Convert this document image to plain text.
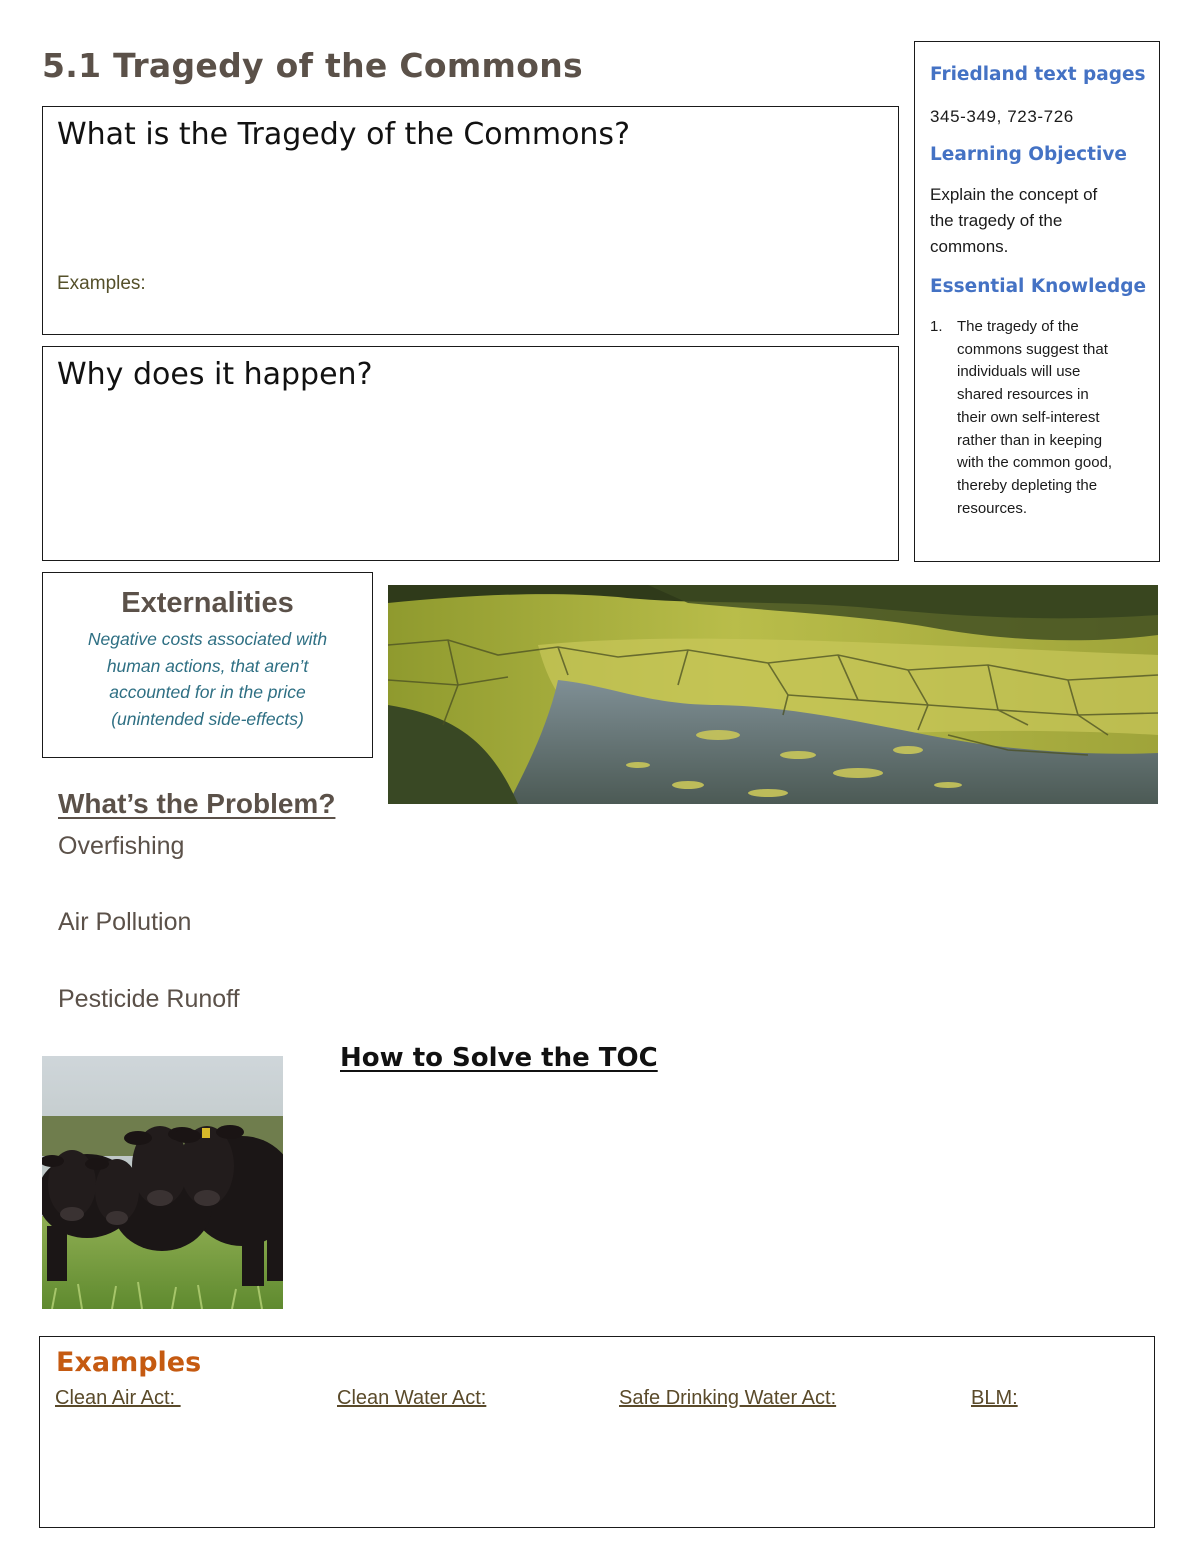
5.1 Tragedy of the Commons
What is the Tragedy of the Commons?
Examples:
Why does it happen?
Friedland text pages
345-349, 723-726
Learning Objective
Explain the concept of
the tragedy of the
commons.
Essential Knowledge
1. The tragedy of the
commons suggest that
individuals will use
shared resources in
their own self-interest
rather than in keeping
with the common good,
thereby depleting the
resources.
Externalities
Negative costs associated with
human actions, that aren’t
accounted for in the price
(unintended side-effects)
What’s the Problem?
Overfishing
Air Pollution
Pesticide Runoff
How to Solve the TOC
Examples
Clean Air Act:	Clean Water Act:	Safe Drinking Water Act:	BLM:
